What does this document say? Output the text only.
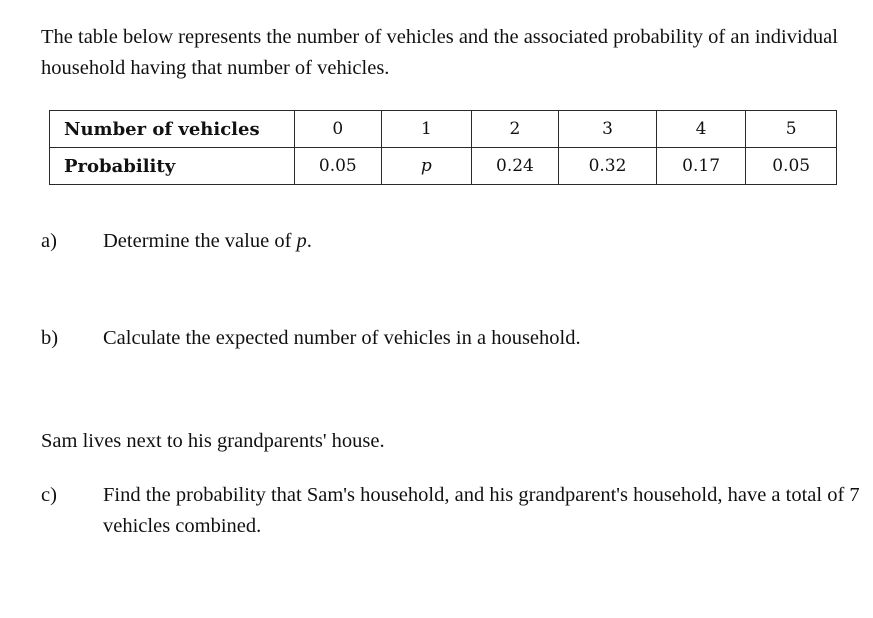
The table below represents the number of vehicles and the associated probability of an individual household having that number of vehicles.
Number of vehicles	0	1	2	3	4	5
Probability	0.05	p	0.24	0.32	0.17	0.05
a) Determine the value of p.
b) Calculate the expected number of vehicles in a household.
Sam lives next to his grandparents' house.
c) Find the probability that Sam's household, and his grandparent's household, have a total of 7 vehicles combined.
